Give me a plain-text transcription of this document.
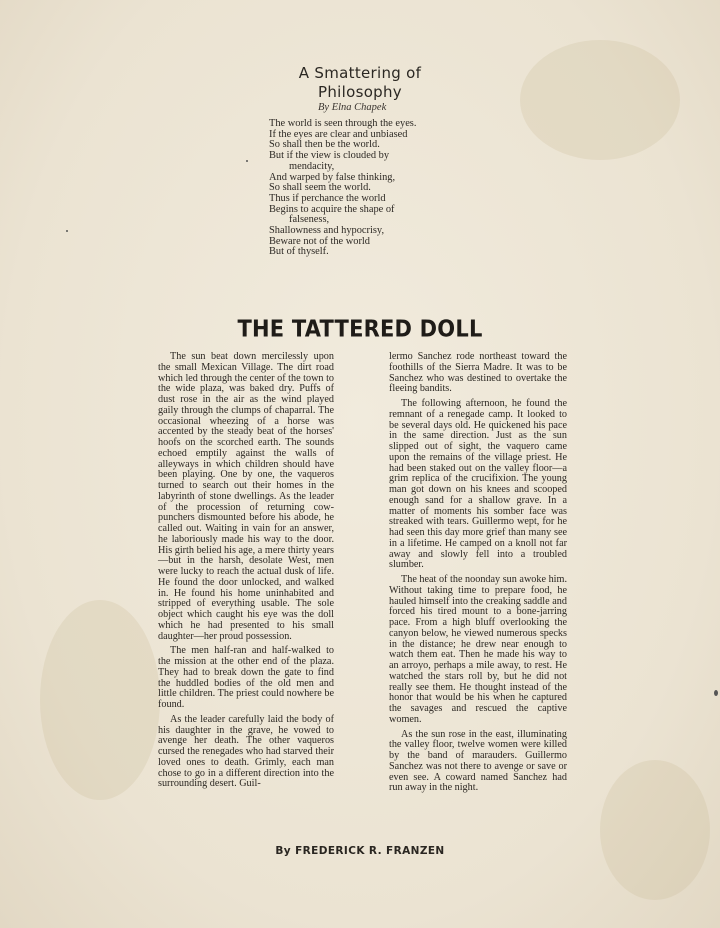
A Smattering of
Philosophy
By Elna Chapek
The world is seen through the eyes.
If the eyes are clear and unbiased
So shall then be the world.
But if the view is clouded by
mendacity,
And warped by false thinking,
So shall seem the world.
Thus if perchance the world
Begins to acquire the shape of
falseness,
Shallowness and hypocrisy,
Beware not of the world
But of thyself.
THE TATTERED DOLL

The sun beat down mercilessly upon the small Mexican Village. The dirt road which led through the center of the town to the wide plaza, was baked dry. Puffs of dust rose in the air as the wind played gaily through the clumps of chaparral. The occasional wheezing of a horse was accented by the steady beat of the horses' hoofs on the scorched earth. The sounds echoed emptily against the walls of alleyways in which children should have been playing. One by one, the vaqueros turned to search out their homes in the labyrinth of stone dwellings. As the leader of the procession of returning cow-punchers dismounted before his abode, he called out. Waiting in vain for an answer, he laboriously made his way to the door. His girth belied his age, a mere thirty years—but in the harsh, desolate West, men were lucky to reach the actual dusk of life. He found the door unlocked, and walked in. He found his home uninhabited and stripped of everything usable. The sole object which caught his eye was the doll which he had presented to his small daughter—her proud possession.

The men half-ran and half-walked to the mission at the other end of the plaza. They had to break down the gate to find the huddled bodies of the old men and little children. The priest could nowhere be found.

As the leader carefully laid the body of his daughter in the grave, he vowed to avenge her death. The other vaqueros cursed the renegades who had starved their loved ones to death. Grimly, each man chose to go in a different direction into the surrounding desert. Guil-

lermo Sanchez rode northeast toward the foothills of the Sierra Madre. It was to be Sanchez who was destined to overtake the fleeing bandits.

The following afternoon, he found the remnant of a renegade camp. It looked to be several days old. He quickened his pace in the same direction. Just as the sun slipped out of sight, the vaquero came upon the remains of the village priest. He had been staked out on the valley floor—a grim replica of the crucifixion. The young man got down on his knees and scooped enough sand for a shallow grave. In a matter of moments his somber face was streaked with tears. Guillermo wept, for he had seen this day more grief than many see in a lifetime. He camped on a knoll not far away and slowly fell into a troubled slumber.

The heat of the noonday sun awoke him. Without taking time to prepare food, he hauled himself into the creaking saddle and forced his tired mount to a bone-jarring pace. From a high bluff overlooking the canyon below, he viewed numerous specks in the distance; he drew near enough to watch them eat. Then he made his way to an arroyo, perhaps a mile away, to rest. He watched the stars roll by, but he did not really see them. He thought instead of the honor that would be his when he captured the savages and rescued the captive women.

As the sun rose in the east, illuminating the valley floor, twelve women were killed by the band of marauders. Guillermo Sanchez was not there to avenge or save or even see. A coward named Sanchez had run away in the night.

By FREDERICK R. FRANZEN
